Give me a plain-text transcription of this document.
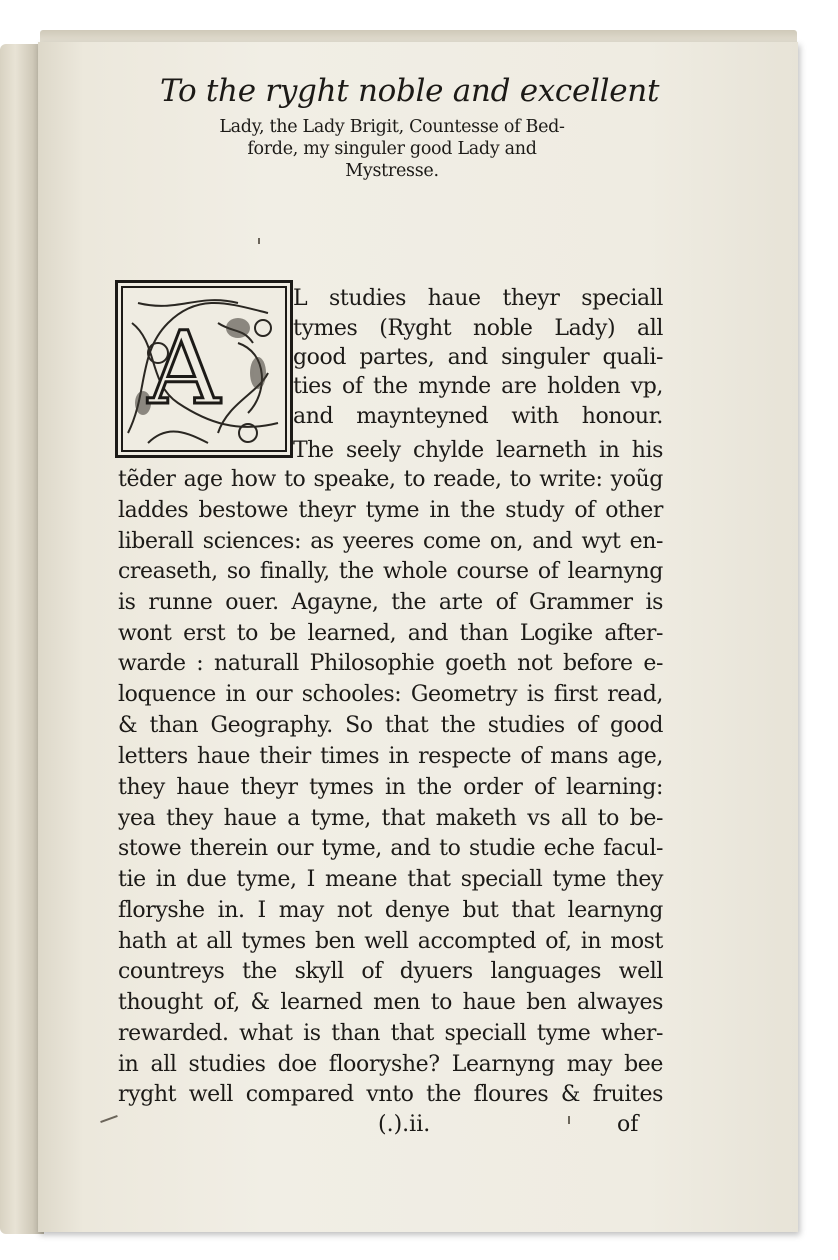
To the ryght noble and excellent
Lady, the Lady Brigit, Countesse of Bed-
forde, my singuler good Lady and
Mystresse.
A
L studies haue theyr speciall
tymes (Ryght noble Lady) all
good partes, and singuler quali-
ties of the mynde are holden vp,
and maynteyned with honour.
The seely chylde learneth in his
tẽder age how to speake, to reade, to write: yoũg
laddes bestowe theyr tyme in the study of other
liberall sciences: as yeeres come on, and wyt en-
creaseth, so finally, the whole course of learnyng
is runne ouer. Agayne, the arte of Grammer is
wont erst to be learned, and than Logike after-
warde : naturall Philosophie goeth not before e-
loquence in our schooles: Geometry is first read,
& than Geography. So that the studies of good
letters haue their times in respecte of mans age,
they haue theyr tymes in the order of learning:
yea they haue a tyme, that maketh vs all to be-
stowe therein our tyme, and to studie eche facul-
tie in due tyme, I meane that speciall tyme they
floryshe in. I may not denye but that learnyng
hath at all tymes ben well accompted of, in most
countreys the skyll of dyuers languages well
thought of, & learned men to haue ben alwayes
rewarded. what is than that speciall tyme wher-
in all studies doe flooryshe? Learnyng may bee
ryght well compared vnto the floures & fruites
(.).ii.	of
